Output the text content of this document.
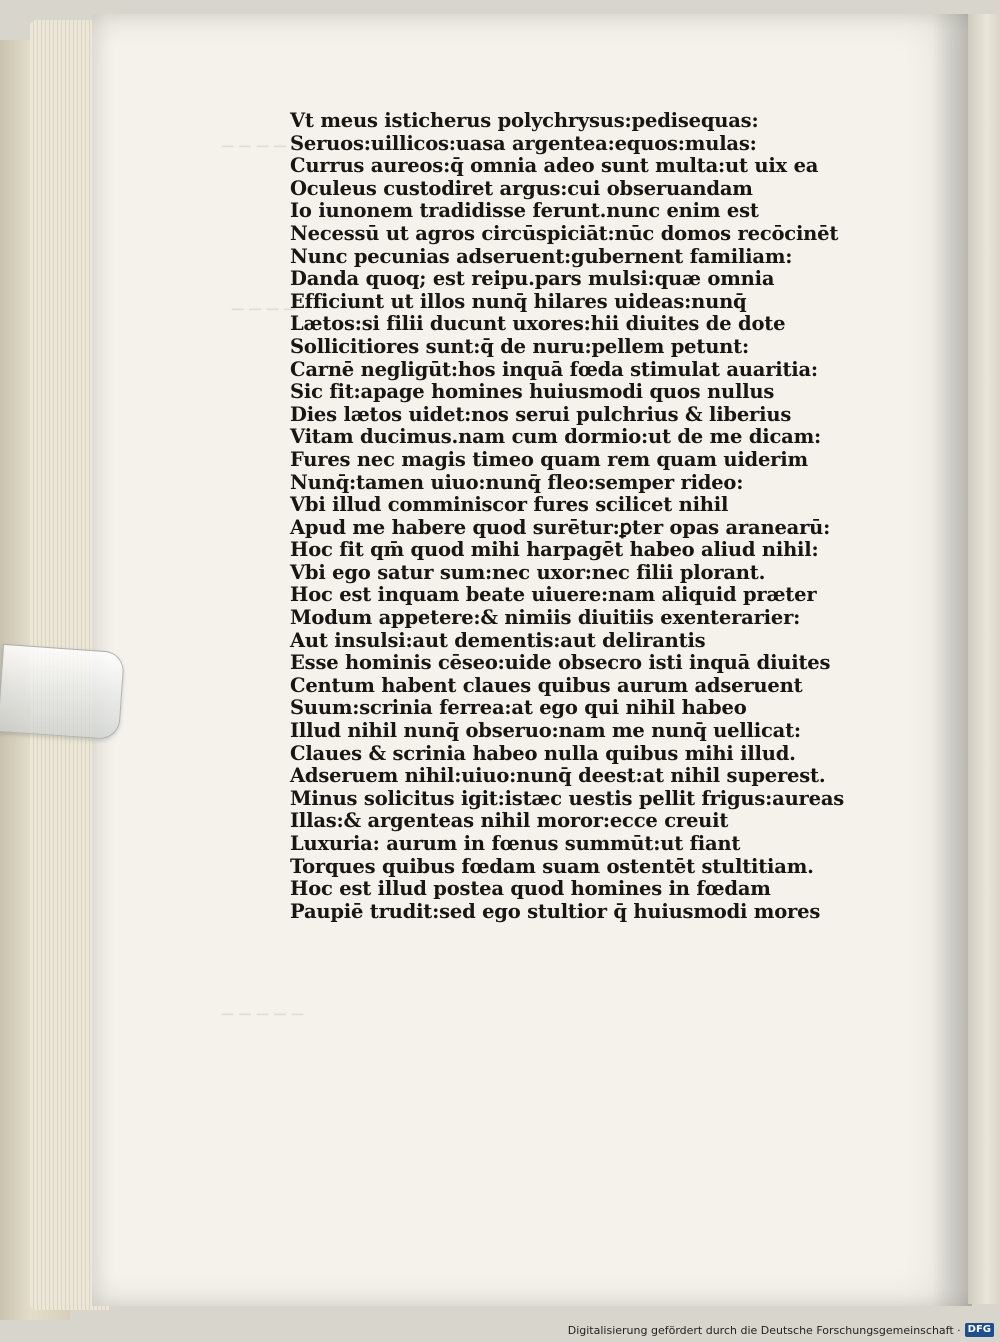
─ ─ ─ ─ ─
─ ─ ─ ─
─ ─ ─ ─ ─
Vt meus isticherus polychrysus:pedisequas:
Seruos:uillicos:uasa argentea:equos:mulas:
Currus aureos:q̄ omnia adeo sunt multa:ut uix ea
Oculeus custodiret argus:cui obseruandam
Io iunonem tradidisse ferunt.nunc enim est
Necessū ut agros circūspiciāt:nūc domos recōcinēt
Nunc pecunias adseruent:gubernent familiam:
Danda quoq; est reipu.pars mulsi:quæ omnia
Efficiunt ut illos nunq̄ hilares uideas:nunq̄
Lætos:si filii ducunt uxores:hii diuites de dote
Sollicitiores sunt:q̄ de nuru:pellem petunt:
Carnē negligūt:hos inquā fœda stimulat auaritia:
Sic fit:apage homines huiusmodi quos nullus
Dies lætos uidet:nos serui pulchrius & liberius
Vitam ducimus.nam cum dormio:ut de me dicam:
Fures nec magis timeo quam rem quam uiderim
Nunq̄:tamen uiuo:nunq̄ fleo:semper rideo:
Vbi illud comminiscor fures scilicet nihil
Apud me habere quod surētur:ꝑter opas aranearū:
Hoc fit qm̄ quod mihi harpagēt habeo aliud nihil:
Vbi ego satur sum:nec uxor:nec filii plorant.
Hoc est inquam beate uiuere:nam aliquid præter
Modum appetere:& nimiis diuitiis exenterarier:
Aut insulsi:aut dementis:aut delirantis
Esse hominis cēseo:uide obsecro isti inquā diuites
Centum habent claues quibus aurum adseruent
Suum:scrinia ferrea:at ego qui nihil habeo
Illud nihil nunq̄ obseruo:nam me nunq̄ uellicat:
Claues & scrinia habeo nulla quibus mihi illud.
Adseruem nihil:uiuo:nunq̄ deest:at nihil superest.
Minus solicitus igit:istæc uestis pellit frigus:aureas
Illas:& argenteas nihil moror:ecce creuit
Luxuria: aurum in fœnus summūt:ut fiant
Torques quibus fœdam suam ostentēt stultitiam.
Hoc est illud postea quod homines in fœdam
Paupiē trudit:sed ego stultior q̄ huiusmodi mores
Digitalisierung gefördert durch die Deutsche Forschungsgemeinschaft · DFG
